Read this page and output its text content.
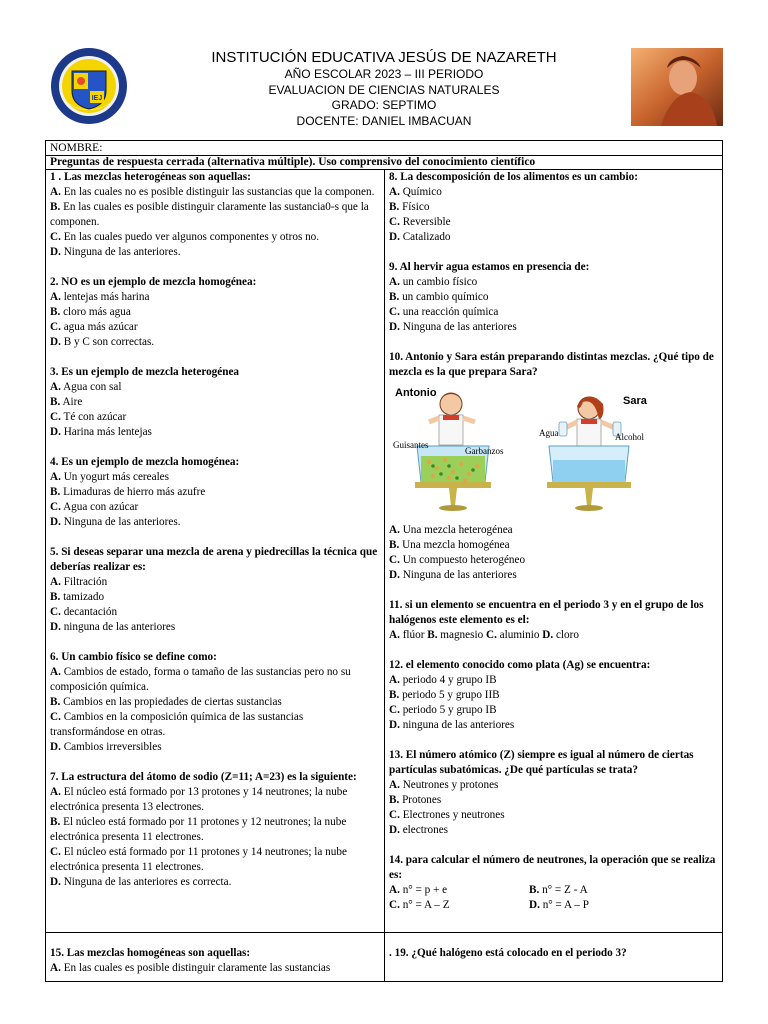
IEJ
INSTITUCIÓN EDUCATIVA JESÚS DE NAZARETH
AÑO ESCOLAR 2023 – III PERIODO
EVALUACION DE CIENCIAS NATURALES
GRADO: SEPTIMO
DOCENTE: DANIEL IMBACUAN
NOMBRE:
Preguntas de respuesta cerrada (alternativa múltiple). Uso comprensivo del conocimiento científico
1 . Las mezclas heterogéneas son aquellas:
A. En las cuales no es posible distinguir las sustancias que la componen.
B. En las cuales es posible distinguir claramente las sustancia0-s que la componen.
C. En las cuales puedo ver algunos componentes y otros no.
D. Ninguna de las anteriores.
2. NO es un ejemplo de mezcla homogénea:
A. lentejas más harina
B. cloro más agua
C. agua más azúcar
D. B y C son correctas.
3. Es un ejemplo de mezcla heterogénea
A. Agua con sal
B. Aire
C. Té con azúcar
D. Harina más lentejas
4. Es un ejemplo de mezcla homogénea:
A. Un yogurt más cereales
B. Limaduras de hierro más azufre
C. Agua con azúcar
D. Ninguna de las anteriores.
5. Si deseas separar una mezcla de arena y piedrecillas la técnica que deberías realizar es:
A. Filtración
B. tamizado
C. decantación
D. ninguna de las anteriores
6. Un cambio físico se define como:
A. Cambios de estado, forma o tamaño de las sustancias pero no su composición química.
B. Cambios en las propiedades de ciertas sustancias
C. Cambios en la composición química de las sustancias transformándose en otras.
D. Cambios irreversibles
7. La estructura del átomo de sodio (Z=11; A=23) es la siguiente:
A. El núcleo está formado por 13 protones y 14 neutrones; la nube electrónica presenta 13 electrones.
B. El núcleo está formado por 11 protones y 12 neutrones; la nube electrónica presenta 11 electrones.
C. El núcleo está formado por 11 protones y 14 neutrones; la nube electrónica presenta 11 electrones.
D. Ninguna de las anteriores es correcta.
8. La descomposición de los alimentos es un cambio:
A. Químico
B. Físico
C. Reversible
D. Catalizado
9. Al hervir agua estamos en presencia de:
A. un cambio físico
B. un cambio químico
C. una reacción química
D. Ninguna de las anteriores
10. Antonio y Sara están preparando distintas mezclas. ¿Qué tipo de mezcla es la que prepara Sara?
Antonio
Guisantes
Garbanzos
Sara
Agua	Alcohol
A. Una mezcla heterogénea
B. Una mezcla homogénea
C. Un compuesto heterogéneo
D. Ninguna de las anteriores
11. si un elemento se encuentra en el periodo 3 y en el grupo de los halógenos este elemento es el:
A. flúor B. magnesio C. aluminio D. cloro
12. el elemento conocido como plata (Ag) se encuentra:
A. periodo 4 y grupo IB
B. periodo 5 y grupo IIB
C. periodo 5 y grupo IB
D. ninguna de las anteriores
13. El número atómico (Z) siempre es igual al número de ciertas partículas subatómicas. ¿De qué partículas se trata?
A. Neutrones y protones
B. Protones
C. Electrones y neutrones
D. electrones
14. para calcular el número de neutrones, la operación que se realiza es:
A. n° = p + e	B. n° = Z - A
C. n° = A – Z	D. n° = A – P
15. Las mezclas homogéneas son aquellas:
A. En las cuales es posible distinguir claramente las sustancias
. 19. ¿Qué halógeno está colocado en el periodo 3?
